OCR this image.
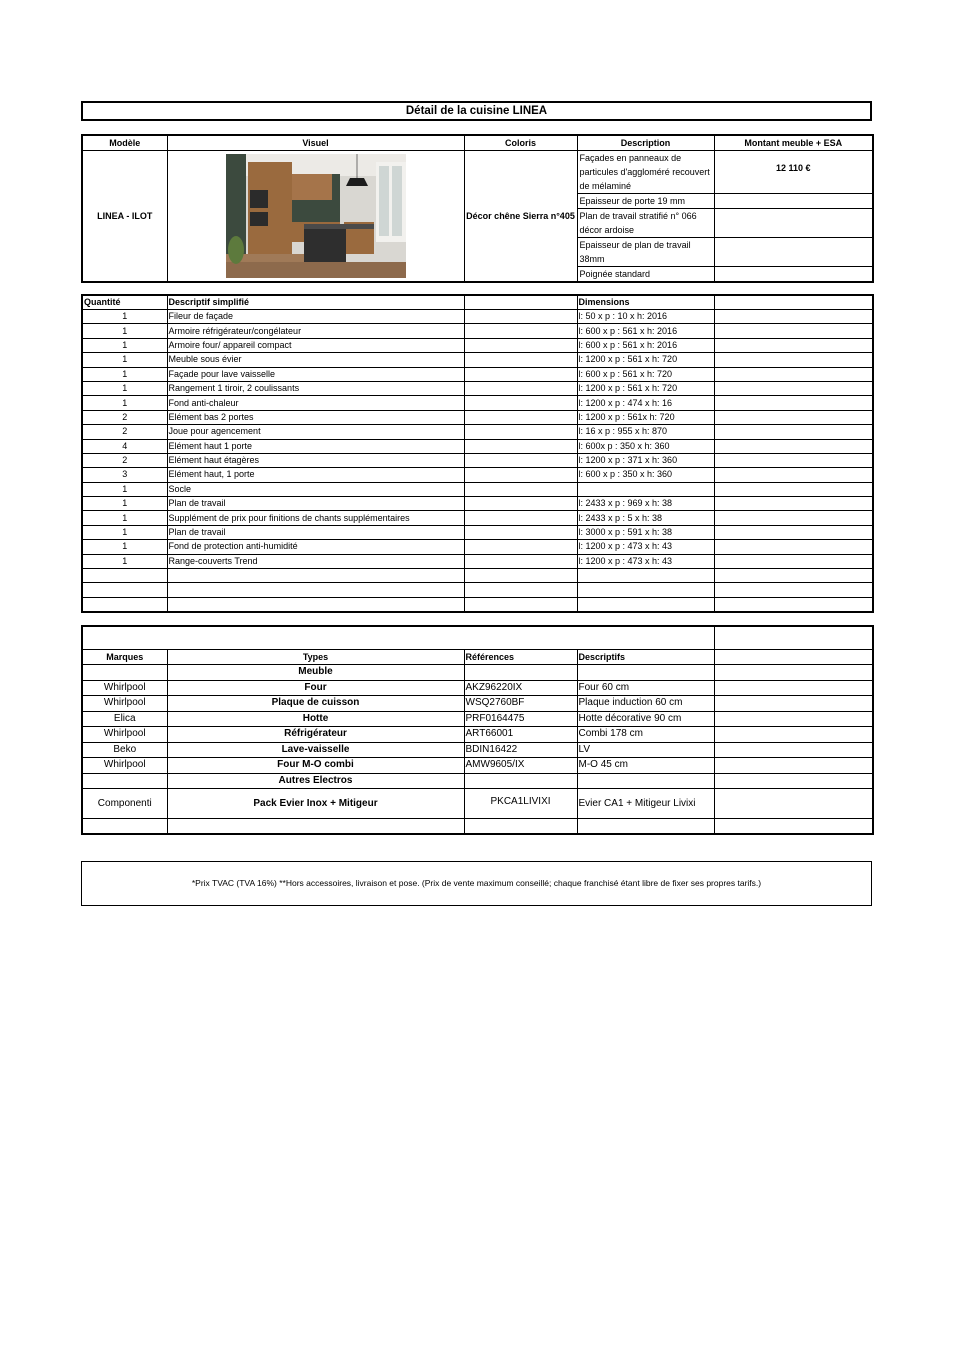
Détail de la cuisine LINEA
Modèle	Visuel	Coloris	Description	Montant meuble + ESA
LINEA - ILOT		Décor chêne Sierra n°405	Façades en panneaux de particules d'aggloméré recouvert de mélaminé	12 110 €
			Epaisseur de porte 19 mm	
			Plan de travail stratifié n° 066 décor ardoise	
			Epaisseur de plan de travail 38mm	
			Poignée standard	
Quantité	Descriptif simplifié		Dimensions	
1	Fileur de façade		l: 50 x p : 10 x h: 2016	
1	Armoire réfrigérateur/congélateur		l: 600 x p : 561 x h: 2016	
1	Armoire four/ appareil compact		l: 600 x p : 561 x h: 2016	
1	Meuble sous évier		l: 1200 x p : 561 x h: 720	
1	Façade pour lave vaisselle		l: 600 x p : 561 x h: 720	
1	Rangement 1 tiroir, 2 coulissants		l: 1200 x p : 561 x h: 720	
1	Fond anti-chaleur		l: 1200 x p : 474 x h: 16	
2	Elément bas 2 portes		l: 1200 x p : 561x h: 720	
2	Joue pour agencement		l: 16 x p : 955 x h: 870	
4	Elément haut 1 porte		l: 600x p : 350 x h: 360	
2	Elément haut étagères		l: 1200 x p : 371 x h: 360	
3	Elément haut, 1 porte		l: 600 x p : 350 x h: 360	
1	Socle			
1	Plan de travail		l: 2433 x p : 969 x h: 38	
1	Supplément de prix pour finitions de chants supplémentaires		l: 2433 x p : 5 x h: 38	
1	Plan de travail		l: 3000 x p : 591 x h: 38	
1	Fond de protection anti-humidité		l: 1200 x p : 473 x h: 43	
1	Range-couverts Trend		l: 1200 x p : 473 x h: 43	

Marques	Types	Références	Descriptifs	
	Meuble			
Whirlpool	Four	AKZ96220IX	Four 60 cm	
Whirlpool	Plaque de cuisson	WSQ2760BF	Plaque induction 60 cm	
Elica	Hotte	PRF0164475	Hotte décorative 90 cm	
Whirlpool	Réfrigérateur	ART66001	Combi 178 cm	
Beko	Lave-vaisselle	BDIN16422	LV	
Whirlpool	Four M-O combi	AMW9605/IX	M-O 45 cm	
	Autres Electros			
Componenti	Pack Evier Inox + Mitigeur	PKCA1LIVIXI	Evier CA1 + Mitigeur Livixi	

*Prix TVAC (TVA 16%) **Hors accessoires, livraison et pose. (Prix de vente maximum conseillé; chaque franchisé étant libre de fixer ses propres tarifs.)
